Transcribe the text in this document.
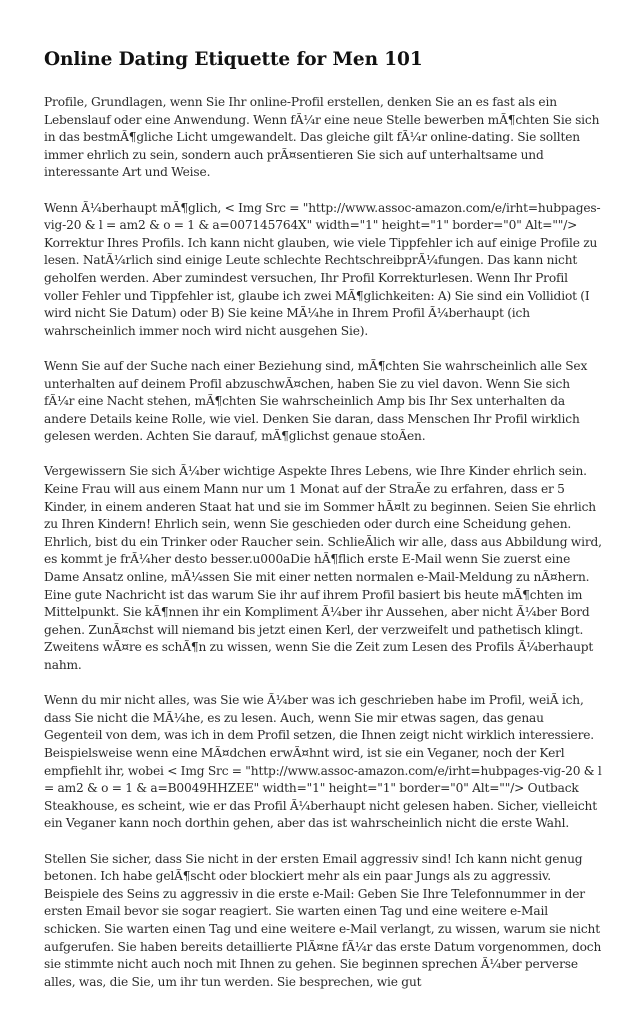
Online Dating Etiquette for Men 101

Profile, Grundlagen, wenn Sie Ihr online-Profil erstellen, denken Sie an es fast als ein Lebenslauf oder eine Anwendung. Wenn fÃ¼r eine neue Stelle bewerben mÃ¶chten Sie sich in das bestmÃ¶gliche Licht umgewandelt. Das gleiche gilt fÃ¼r online-dating. Sie sollten immer ehrlich zu sein, sondern auch prÃ¤sentieren Sie sich auf unterhaltsame und interessante Art und Weise.

Wenn Ã¼berhaupt mÃ¶glich, < Img Src = "http://www.assoc-amazon.com/e/irht=hubpages-vig-20 & l = am2 & o = 1 & a=007145764X" width="1" height="1" border="0" Alt=""/> Korrektur Ihres Profils. Ich kann nicht glauben, wie viele Tippfehler ich auf einige Profile zu lesen. NatÃ¼rlich sind einige Leute schlechte RechtschreibprÃ¼fungen. Das kann nicht geholfen werden. Aber zumindest versuchen, Ihr Profil Korrekturlesen. Wenn Ihr Profil voller Fehler und Tippfehler ist, glaube ich zwei MÃ¶glichkeiten: A) Sie sind ein Vollidiot (I wird nicht Sie Datum) oder B) Sie keine MÃ¼he in Ihrem Profil Ã¼berhaupt (ich wahrscheinlich immer noch wird nicht ausgehen Sie).

Wenn Sie auf der Suche nach einer Beziehung sind, mÃ¶chten Sie wahrscheinlich alle Sex unterhalten auf deinem Profil abzuschwÃ¤chen, haben Sie zu viel davon. Wenn Sie sich fÃ¼r eine Nacht stehen, mÃ¶chten Sie wahrscheinlich Amp bis Ihr Sex unterhalten da andere Details keine Rolle, wie viel. Denken Sie daran, dass Menschen Ihr Profil wirklich gelesen werden. Achten Sie darauf, mÃ¶glichst genaue stoÃen.

Vergewissern Sie sich Ã¼ber wichtige Aspekte Ihres Lebens, wie Ihre Kinder ehrlich sein. Keine Frau will aus einem Mann nur um 1 Monat auf der StraÃe zu erfahren, dass er 5 Kinder, in einem anderen Staat hat und sie im Sommer hÃ¤lt zu beginnen. Seien Sie ehrlich zu Ihren Kindern! Ehrlich sein, wenn Sie geschieden oder durch eine Scheidung gehen. Ehrlich, bist du ein Trinker oder Raucher sein. SchlieÃlich wir alle, dass aus Abbildung wird, es kommt je frÃ¼her desto besser.u000aDie hÃ¶flich erste E-Mail wenn Sie zuerst eine Dame Ansatz online, mÃ¼ssen Sie mit einer netten normalen e-Mail-Meldung zu nÃ¤hern. Eine gute Nachricht ist das warum Sie ihr auf ihrem Profil basiert bis heute mÃ¶chten im Mittelpunkt. Sie kÃ¶nnen ihr ein Kompliment Ã¼ber ihr Aussehen, aber nicht Ã¼ber Bord gehen. ZunÃ¤chst will niemand bis jetzt einen Kerl, der verzweifelt und pathetisch klingt. Zweitens wÃ¤re es schÃ¶n zu wissen, wenn Sie die Zeit zum Lesen des Profils Ã¼berhaupt nahm.

Wenn du mir nicht alles, was Sie wie Ã¼ber was ich geschrieben habe im Profil, weiÃ ich, dass Sie nicht die MÃ¼he, es zu lesen. Auch, wenn Sie mir etwas sagen, das genau Gegenteil von dem, was ich in dem Profil setzen, die Ihnen zeigt nicht wirklich interessiere. Beispielsweise wenn eine MÃ¤dchen erwÃ¤hnt wird, ist sie ein Veganer, noch der Kerl empfiehlt ihr, wobei < Img Src = "http://www.assoc-amazon.com/e/irht=hubpages-vig-20 & l = am2 & o = 1 & a=B0049HHZEE" width="1" height="1" border="0" Alt=""/> Outback Steakhouse, es scheint, wie er das Profil Ã¼berhaupt nicht gelesen haben. Sicher, vielleicht ein Veganer kann noch dorthin gehen, aber das ist wahrscheinlich nicht die erste Wahl.

Stellen Sie sicher, dass Sie nicht in der ersten Email aggressiv sind! Ich kann nicht genug betonen. Ich habe gelÃ¶scht oder blockiert mehr als ein paar Jungs als zu aggressiv. Beispiele des Seins zu aggressiv in die erste e-Mail: Geben Sie Ihre Telefonnummer in der ersten Email bevor sie sogar reagiert. Sie warten einen Tag und eine weitere e-Mail schicken. Sie warten einen Tag und eine weitere e-Mail verlangt, zu wissen, warum sie nicht aufgerufen. Sie haben bereits detaillierte PlÃ¤ne fÃ¼r das erste Datum vorgenommen, doch sie stimmte nicht auch noch mit Ihnen zu gehen. Sie beginnen sprechen Ã¼ber perverse alles, was, die Sie, um ihr tun werden. Sie besprechen, wie gut
